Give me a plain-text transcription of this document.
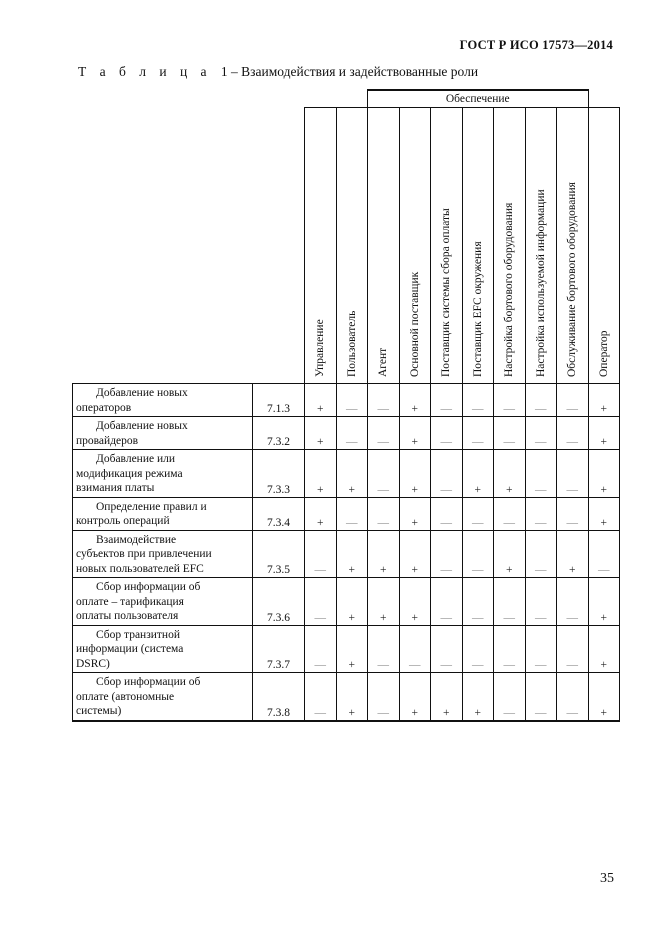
ГОСТ Р ИСО 17573—2014
Т а б л и ц а 1 – Взаимодействия и задействованные роли
				Обеспечение							

		Управление	Пользователь	Агент	Основной поставщик	Поставщик системы сбора оплаты	Поставщик EFC окружения	Настройка бортового оборудования	Настройка используемой информации	Обслуживание бортового оборудования	Оператор

Добавление новых
операторов	7.1.3	+	—	—	+	—	—	—	—	—	+

Добавление новых
провайдеров	7.3.2	+	—	—	+	—	—	—	—	—	+

Добавление или
модификация режима
взимания платы	7.3.3	+	+	—	+	—	+	+	—	—	+

Определение правил и
контроль операций	7.3.4	+	—	—	+	—	—	—	—	—	+

Взаимодействие
субъектов при привлечении
новых пользователей EFC	7.3.5	—	+	+	+	—	—	+	—	+	—

Сбор информации об
оплате – тарификация
оплаты пользователя	7.3.6	—	+	+	+	—	—	—	—	—	+

Сбор транзитной
информации (система
DSRC)	7.3.7	—	+	—	—	—	—	—	—	—	+

Сбор информации об
оплате (автономные
системы)	7.3.8	—	+	—	+	+	+	—	—	—	+
35
